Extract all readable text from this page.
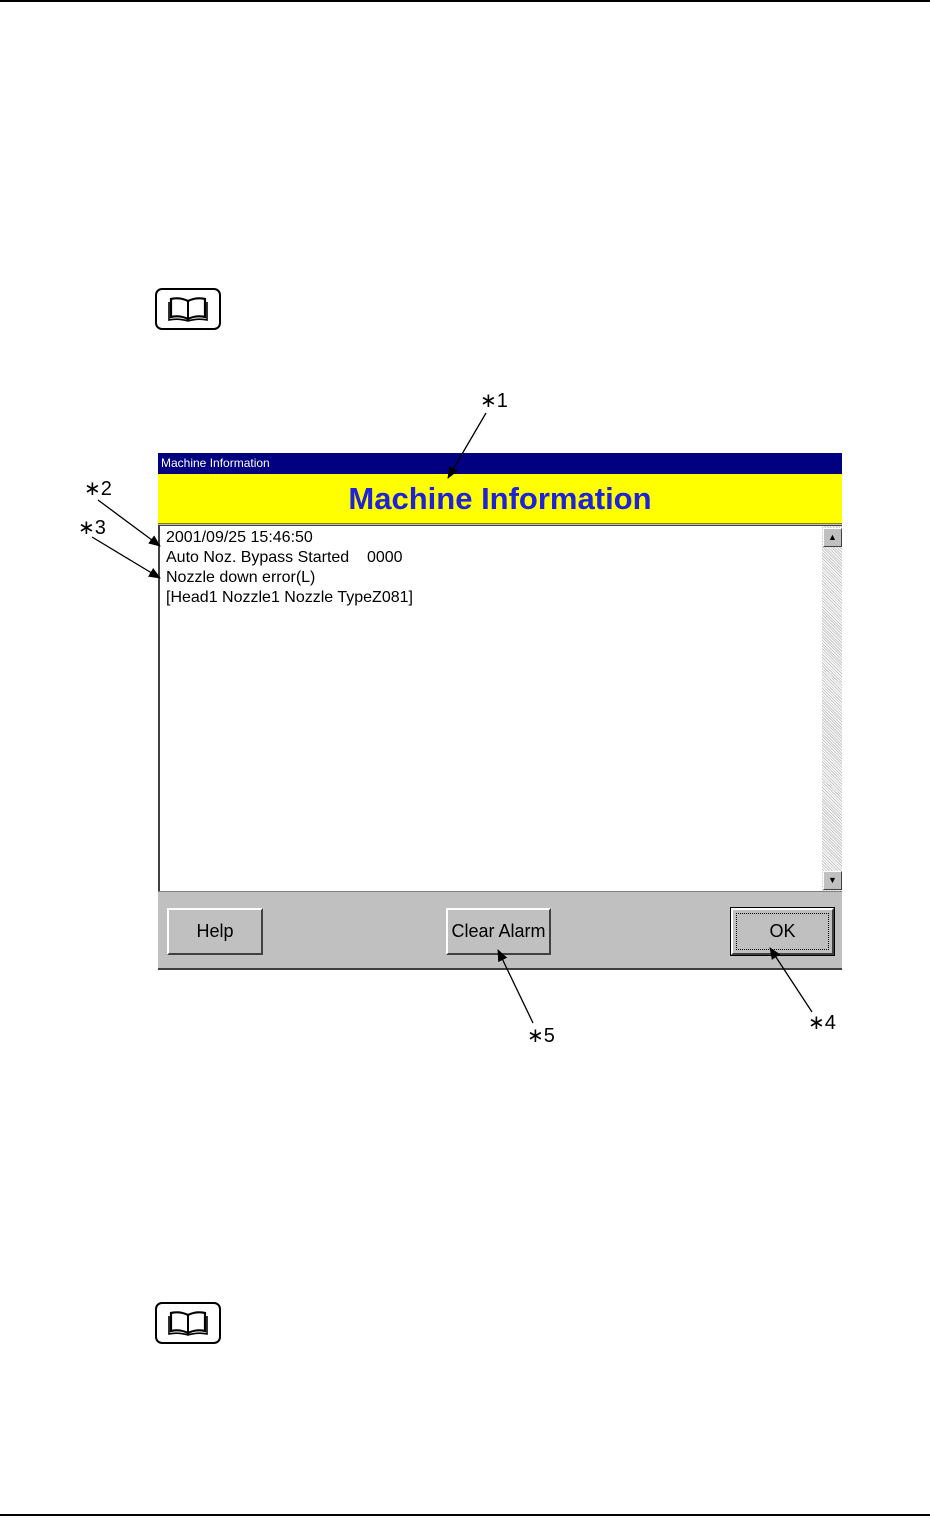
∗1
∗2
∗3
Machine Information
Machine Information
2001/09/25 15:46:50
Auto Noz. Bypass Started    0000
Nozzle down error(L)
[Head1 Nozzle1 Nozzle TypeZ081]
▲
▼
Help	Clear Alarm	OK
∗5
∗4
